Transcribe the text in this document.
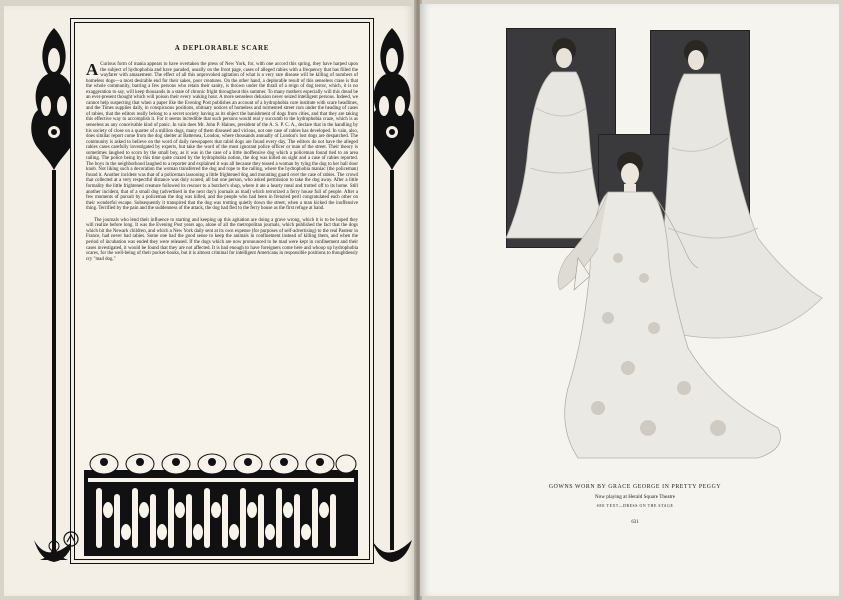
A DEPLORABLE SCARE

A Curious form of mania appears to have overtaken the press of New York, for, with one accord this spring, they have harped upon the subject of hydrophobia and have paraded, usually on the front page, cases of alleged rabies with a frequency that has filled the wayfarer with amazement. The effect of all this unprovoked agitation of what is a very rare disease will be killing of numbers of homeless dogs—a most desirable end for their sakes, poor creatures. On the other hand, a deplorable result of this senseless crase is that the whole community, barring a few persons who retain their sanity, is thrown under the thrall of a reign of dog terror, which, it is no exaggeration to say, will keep thousands in a state of chronic fright throughout this summer. To many mothers especially will this dread be an ever-present thought which will poison their every waking hour. A more senseless delusion never seized intelligent persons. Indeed, we cannot help suspecting that when a paper like the Evening Post publishes an account of a hydrophobia cure institute with scare headlines, and the Times supplies daily, in conspicuous positions, obituary notices of homeless and tormented street curs under the heading of cases of rabies, that the editors really belong to a secret society having as its object the banishment of dogs from cities, and that they are taking this effective way to accomplish it. For it seems incredible that such persons would real y succumb to the hydrophobia craze, which is as senseless as any conceivable kind of panic. In vain does Mr. John P. Haines, president of the A. S. P. C. A., declare that in the handling by his society of close on a quarter of a million dogs, many of them diseased and vicious, not one case of rabies has developed. In vain, also, does similar report come from the dog shelter at Battersea, London, where thousands annually of London's lost dogs are despatched. The community is asked to believe on the word of daily newspapers that rabid dogs are found every day. The editors do not have the alleged rabies cases carefully investigated by experts, but take the word of the most ignorant police officer or man of the street. Their theory is sometimes laughed to scorn by the small boy, as it was in the case of a little inoffensive dog which a policeman found tied to an area railing. The police being by this time quite crazed by the hydrophobia notion, the dog was killed on sight and a case of rabies reported. The boys in the neighborhood laughed to a reporter and explained it was all because they teased a woman by tying the dog to her hall door knob. Not liking such a decoration the woman transferred the dog and rope to the railing, where the hydrophobia maniac (the policeman) found it. Another incident was that of a policeman lassooing a little frightened dog and mounting guard over the case of rabies. The crowd that collected at a very respectful distance was duly scared, all but one person, who asked permission to take the dog away. After a little formality the little frightened creature followed its rescuer to a butcher's shop, where it ate a hearty meal and trotted off to its home. Still another incident, that of a small dog (advertised in the next day's journals as mad) which terrorized a ferry house full of people. After a few moments of pursuit by a policeman the dog was killed, and the people who had been in frenzied peril congratulated each other on their wonderful escape. Subsequently it transpired that the dog was trotting quietly down the street, when a man kicked the inoffensive thing. Terrified by the pain and the suddenness of the attack, the dog had fled to the ferry house as the first refuge at hand.

The journals who lend their influence to starting and keeping up this agitation are doing a grave wrong, which it is to be hoped they will realize before long. It was the Evening Post years ago, alone of all the metropolitan journals, which published the fact that the dogs which bit the Newark children, and which a New York daily sent at its own expense (for purposes of self-advertising) to the real Pasteur in France, had never had rabies. Some one had the good sense to keep the animals in confinement instead of killing them, and when the period of incubation was ended they were released. If the dogs which are now pronounced to be mad were kept in confinement and their cases investigated, it would be found that they are not affected. It is bad enough to have foreigners come here and whoop up hydrophobia scares, for the well-being of their pocket-books, but it is almost criminal for intelligent Americans in responsible positions to thoughtlessly cry "mad dog."

GOWNS WORN BY GRACE GEORGE IN PRETTY PEGGY

Now playing at Herald Square Theatre

SEE TEXT—DRESS ON THE STAGE

631
